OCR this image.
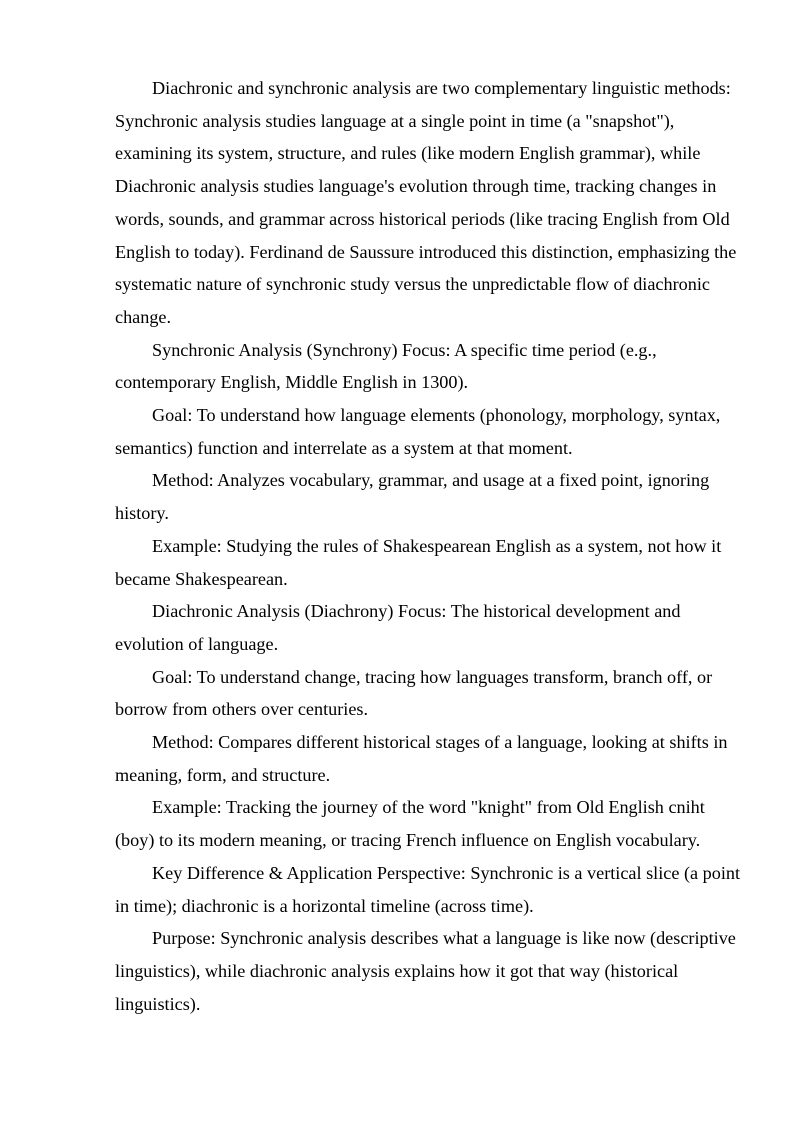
Diachronic and synchronic analysis are two complementary linguistic methods: Synchronic analysis studies language at a single point in time (a "snapshot"), examining its system, structure, and rules (like modern English grammar), while Diachronic analysis studies language's evolution through time, tracking changes in words, sounds, and grammar across historical periods (like tracing English from Old English to today). Ferdinand de Saussure introduced this distinction, emphasizing the systematic nature of synchronic study versus the unpredictable flow of diachronic change.

Synchronic Analysis (Synchrony) Focus: A specific time period (e.g., contemporary English, Middle English in 1300).

Goal: To understand how language elements (phonology, morphology, syntax, semantics) function and interrelate as a system at that moment.

Method: Analyzes vocabulary, grammar, and usage at a fixed point, ignoring history.

Example: Studying the rules of Shakespearean English as a system, not how it became Shakespearean.

Diachronic Analysis (Diachrony) Focus: The historical development and evolution of language.

Goal: To understand change, tracing how languages transform, branch off, or borrow from others over centuries.

Method: Compares different historical stages of a language, looking at shifts in meaning, form, and structure.

Example: Tracking the journey of the word "knight" from Old English cniht (boy) to its modern meaning, or tracing French influence on English vocabulary.

Key Difference & Application Perspective: Synchronic is a vertical slice (a point in time); diachronic is a horizontal timeline (across time).

Purpose: Synchronic analysis describes what a language is like now (descriptive linguistics), while diachronic analysis explains how it got that way (historical linguistics).
